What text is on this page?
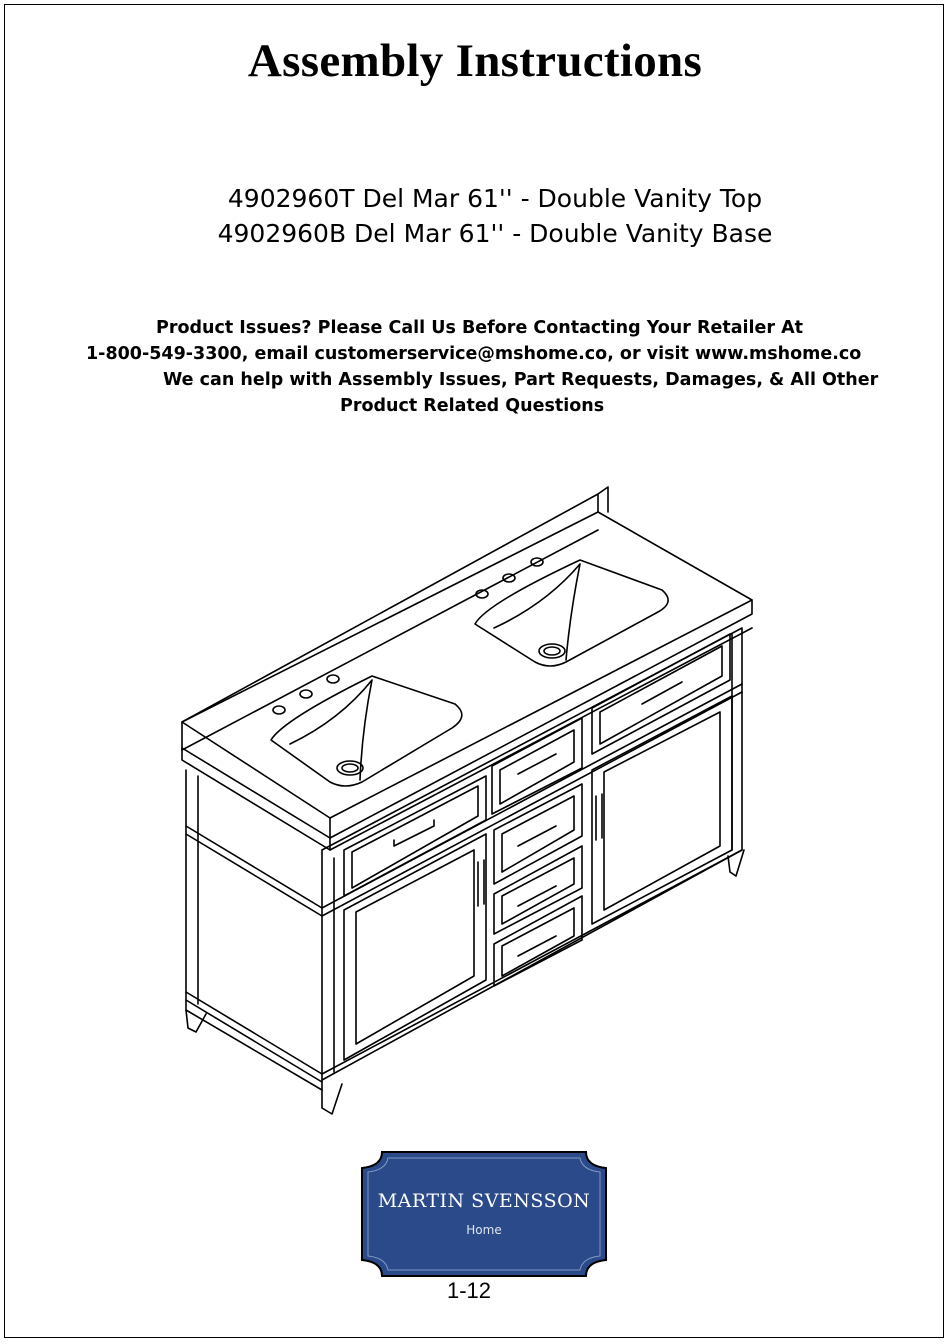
Assembly Instructions
4902960T Del Mar 61'' - Double Vanity Top
4902960B Del Mar 61'' - Double Vanity Base
Product Issues? Please Call Us Before Contacting Your Retailer At
1-800-549-3300, email customerservice@mshome.co, or visit www.mshome.co
We can help with Assembly Issues, Part Requests, Damages, & All Other
Product Related Questions
MARTIN SVENSSON
Home
1-12
